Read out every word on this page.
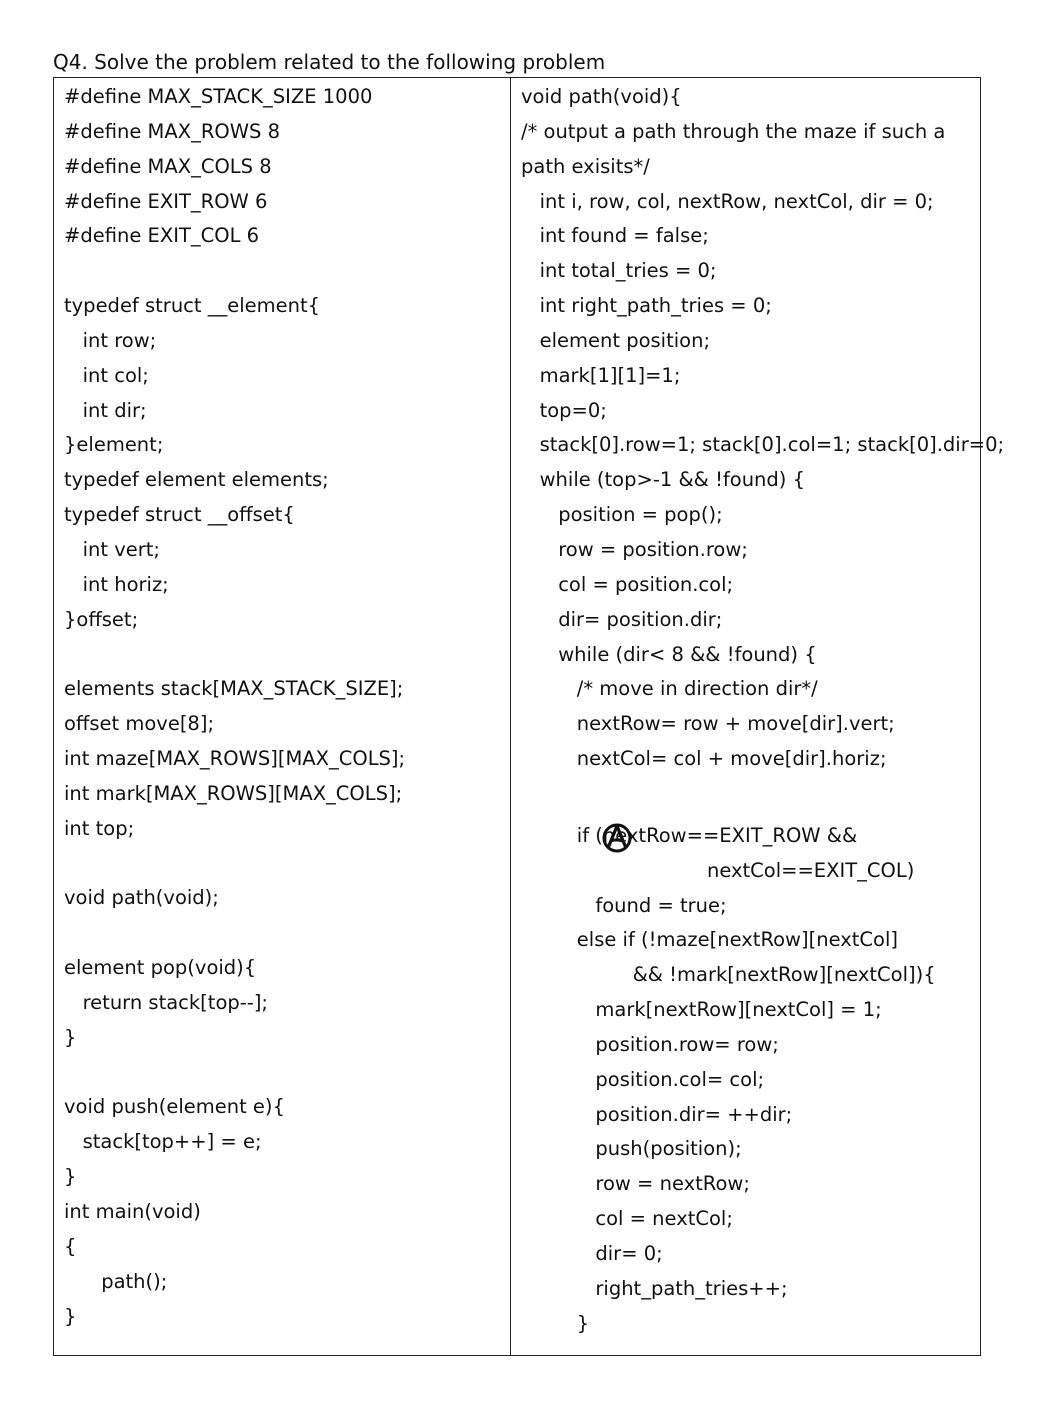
Q4. Solve the problem related to the following problem
#define MAX_STACK_SIZE 1000
#define MAX_ROWS 8
#define MAX_COLS 8
#define EXIT_ROW 6
#define EXIT_COL 6
typedef struct __element{
int row;
int col;
int dir;
}element;
typedef element elements;
typedef struct __offset{
int vert;
int horiz;
}offset;
elements stack[MAX_STACK_SIZE];
offset move[8];
int maze[MAX_ROWS][MAX_COLS];
int mark[MAX_ROWS][MAX_COLS];
int top;
void path(void);
element pop(void){
return stack[top--];
}
void push(element e){
stack[top++] = e;
}
int main(void)
{
path();
}
void path(void){
/* output a path through the maze if such a
path exisits*/
int i, row, col, nextRow, nextCol, dir = 0;
int found = false;
int total_tries = 0;
int right_path_tries = 0;
element position;
mark[1][1]=1;
top=0;
stack[0].row=1; stack[0].col=1; stack[0].dir=0;
while (top>-1 && !found) {
position = pop();
row = position.row;
col = position.col;
dir= position.dir;
while (dir< 8 && !found) {
/* move in direction dir*/
nextRow= row + move[dir].vert;
nextCol= col + move[dir].horiz;

if (nextRow==EXIT_ROW &&
nextCol==EXIT_COL)
found = true;
else if (!maze[nextRow][nextCol]
&& !mark[nextRow][nextCol]){
mark[nextRow][nextCol] = 1;
position.row= row;
position.col= col;
position.dir= ++dir;
push(position);
row = nextRow;
col = nextCol;
dir= 0;
right_path_tries++;
}
